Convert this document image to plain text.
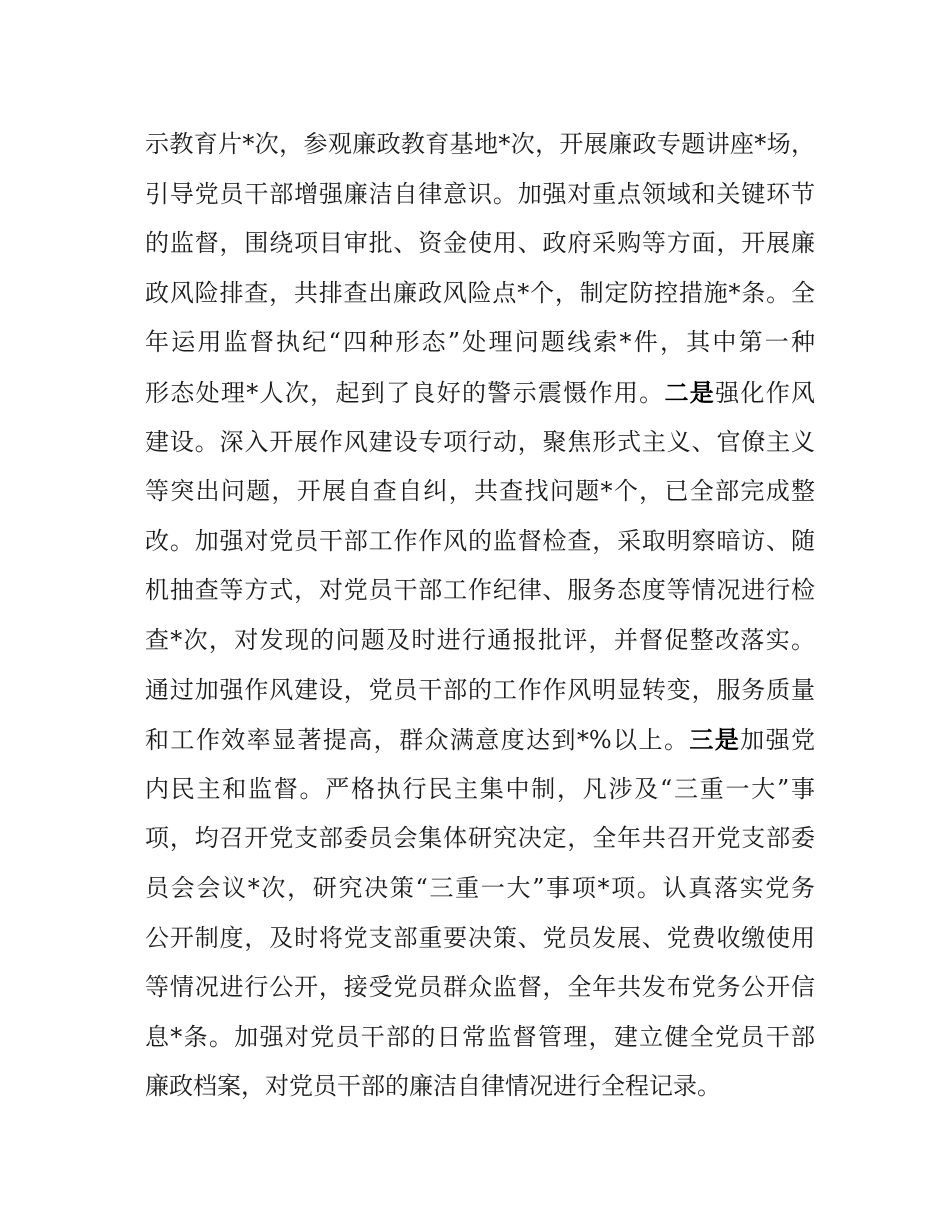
示教育片*次，参观廉政教育基地*次，开展廉政专题讲座*场，
引导党员干部增强廉洁自律意识。加强对重点领域和关键环节
的监督，围绕项目审批、资金使用、政府采购等方面，开展廉
政风险排查，共排查出廉政风险点*个，制定防控措施*条。全
年运用监督执纪“四种形态”处理问题线索*件，其中第一种
形态处理*人次，起到了良好的警示震慑作用。二是强化作风
建设。深入开展作风建设专项行动，聚焦形式主义、官僚主义
等突出问题，开展自查自纠，共查找问题*个，已全部完成整
改。加强对党员干部工作作风的监督检查，采取明察暗访、随
机抽查等方式，对党员干部工作纪律、服务态度等情况进行检
查*次，对发现的问题及时进行通报批评，并督促整改落实。
通过加强作风建设，党员干部的工作作风明显转变，服务质量
和工作效率显著提高，群众满意度达到*%以上。三是加强党
内民主和监督。严格执行民主集中制，凡涉及“三重一大”事
项，均召开党支部委员会集体研究决定，全年共召开党支部委
员会会议*次，研究决策“三重一大”事项*项。认真落实党务
公开制度，及时将党支部重要决策、党员发展、党费收缴使用
等情况进行公开，接受党员群众监督，全年共发布党务公开信
息*条。加强对党员干部的日常监督管理，建立健全党员干部
廉政档案，对党员干部的廉洁自律情况进行全程记录。
